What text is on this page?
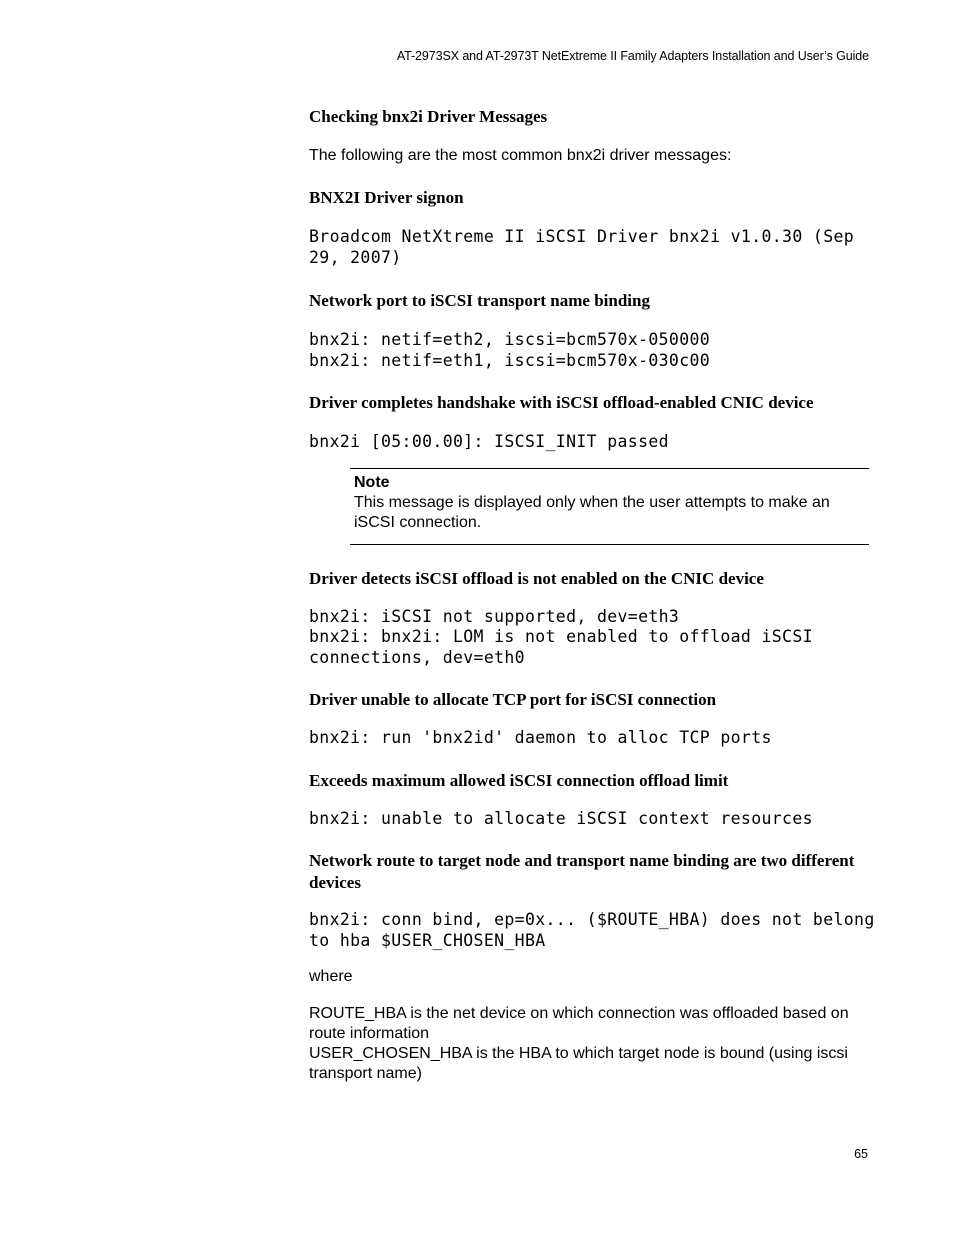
AT-2973SX and AT-2973T NetExtreme II Family Adapters Installation and User’s Guide
Checking bnx2i Driver Messages

The following are the most common bnx2i driver messages:

BNX2I Driver signon
Broadcom NetXtreme II iSCSI Driver bnx2i v1.0.30 (Sep
29, 2007)
Network port to iSCSI transport name binding
bnx2i: netif=eth2, iscsi=bcm570x-050000
bnx2i: netif=eth1, iscsi=bcm570x-030c00
Driver completes handshake with iSCSI offload-enabled CNIC device
bnx2i [05:00.00]: ISCSI_INIT passed
Note
This message is displayed only when the user attempts to make an iSCSI connection.
Driver detects iSCSI offload is not enabled on the CNIC device
bnx2i: iSCSI not supported, dev=eth3
bnx2i: bnx2i: LOM is not enabled to offload iSCSI
connections, dev=eth0
Driver unable to allocate TCP port for iSCSI connection
bnx2i: run 'bnx2id' daemon to alloc TCP ports
Exceeds maximum allowed iSCSI connection offload limit
bnx2i: unable to allocate iSCSI context resources
Network route to target node and transport name binding are two different devices
bnx2i: conn bind, ep=0x... ($ROUTE_HBA) does not belong
to hba $USER_CHOSEN_HBA

where

ROUTE_HBA is the net device on which connection was offloaded based on route information

USER_CHOSEN_HBA is the HBA to which target node is bound (using iscsi transport name)

65
